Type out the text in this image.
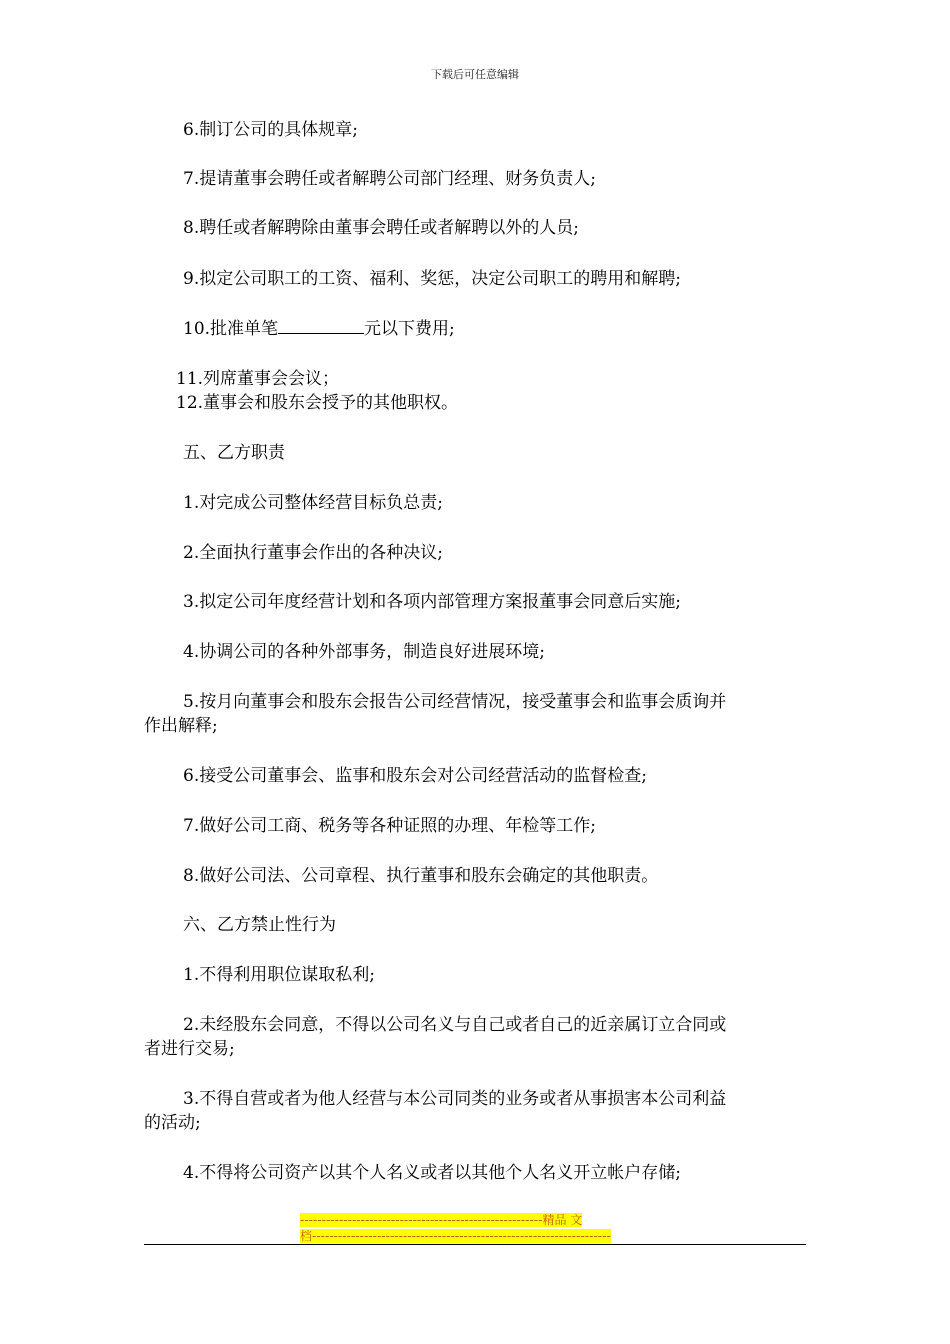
下载后可任意编辑
6.制订公司的具体规章;
7.提请董事会聘任或者解聘公司部门经理、财务负责人;
8.聘任或者解聘除由董事会聘任或者解聘以外的人员;
9.拟定公司职工的工资、福利、奖惩，决定公司职工的聘用和解聘;
10.批准单笔	元以下费用;
11.列席董事会会议；
12.董事会和股东会授予的其他职权。
五、乙方职责
1.对完成公司整体经营目标负总责;
2.全面执行董事会作出的各种决议;
3.拟定公司年度经营计划和各项内部管理方案报董事会同意后实施;
4.协调公司的各种外部事务，制造良好进展环境;
5.按月向董事会和股东会报告公司经营情况，接受董事会和监事会质询并
作出解释;
6.接受公司董事会、监事和股东会对公司经营活动的监督检查;
7.做好公司工商、税务等各种证照的办理、年检等工作;
8.做好公司法、公司章程、执行董事和股东会确定的其他职责。
六、乙方禁止性行为
1.不得利用职位谋取私利;
2.未经股东会同意，不得以公司名义与自己或者自己的近亲属订立合同或
者进行交易;
3.不得自营或者为他人经营与本公司同类的业务或者从事损害本公司利益
的活动;
4.不得将公司资产以其个人名义或者以其他个人名义开立帐户存储;
--------------------------------------------------------精品 文
档---------------------------------------------------------------------
